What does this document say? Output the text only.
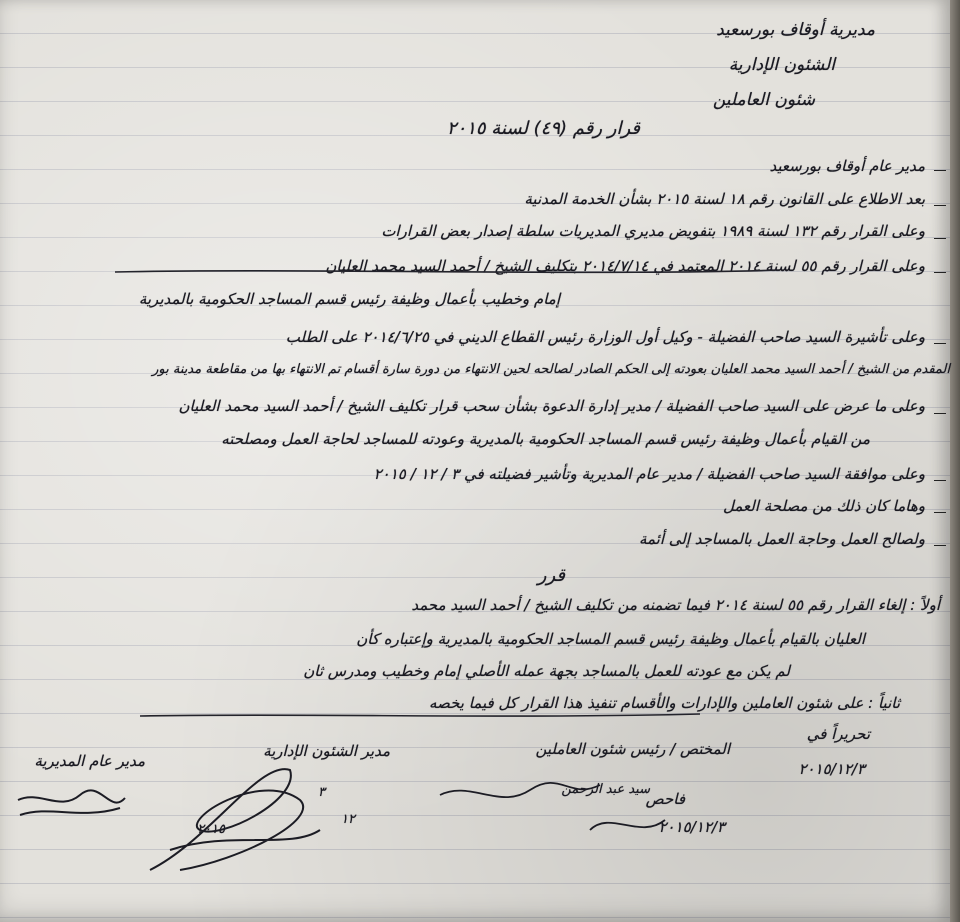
مديرية أوقاف بورسعيد
الشئون الإدارية
شئون العاملين
قرار رقم (٤٩) لسنة ٢٠١٥
مدير عام أوقاف بورسعيد
بعد الاطلاع على القانون رقم ١٨ لسنة ٢٠١٥ بشأن الخدمة المدنية
وعلى القرار رقم ١٣٢ لسنة ١٩٨٩ بتفويض مديري المديريات سلطة إصدار بعض القرارات
وعلى القرار رقم ٥٥ لسنة ٢٠١٤ المعتمد في ٢٠١٤/٧/١٤ بتكليف الشيخ / أحمد السيد محمد العليان
إمام وخطيب بأعمال وظيفة رئيس قسم المساجد الحكومية بالمديرية
وعلى تأشيرة السيد صاحب الفضيلة - وكيل أول الوزارة رئيس القطاع الديني في ٢٠١٤/٦/٢٥ على الطلب
المقدم من الشيخ / أحمد السيد محمد العليان بعودته إلى الحكم الصادر لصالحه لحين الانتهاء من دورة سارة أقسام تم الانتهاء بها من مقاطعة مدينة بور
وعلى ما عرض على السيد صاحب الفضيلة / مدير إدارة الدعوة بشأن سحب قرار تكليف الشيخ / أحمد السيد محمد العليان
من القيام بأعمال وظيفة رئيس قسم المساجد الحكومية بالمديرية وعودته للمساجد لحاجة العمل ومصلحته
وعلى موافقة السيد صاحب الفضيلة / مدير عام المديرية وتأشير فضيلته في ٣ / ١٢ / ٢٠١٥
وهاما كان ذلك من مصلحة العمل
ولصالح العمل وحاجة العمل بالمساجد إلى أئمة
قرر
أولاً : إلغاء القرار رقم ٥٥ لسنة ٢٠١٤ فيما تضمنه من تكليف الشيخ / أحمد السيد محمد
العليان بالقيام بأعمال وظيفة رئيس قسم المساجد الحكومية بالمديرية وإعتباره كأن
لم يكن مع عودته للعمل بالمساجد بجهة عمله الأصلي إمام وخطيب ومدرس ثان
ثانياً : على شئون العاملين والإدارات والأقسام تنفيذ هذا القرار كل فيما يخصه
تحريراً في
٢٠١٥/١٢/٣
المختص / رئيس شئون العاملين
سيد عبد الرحمن
فاحص
٢٠١٥/١٢/٣
مدير الشئون الإدارية
مدير عام المديرية
٣
١٢
٢٠١٥
